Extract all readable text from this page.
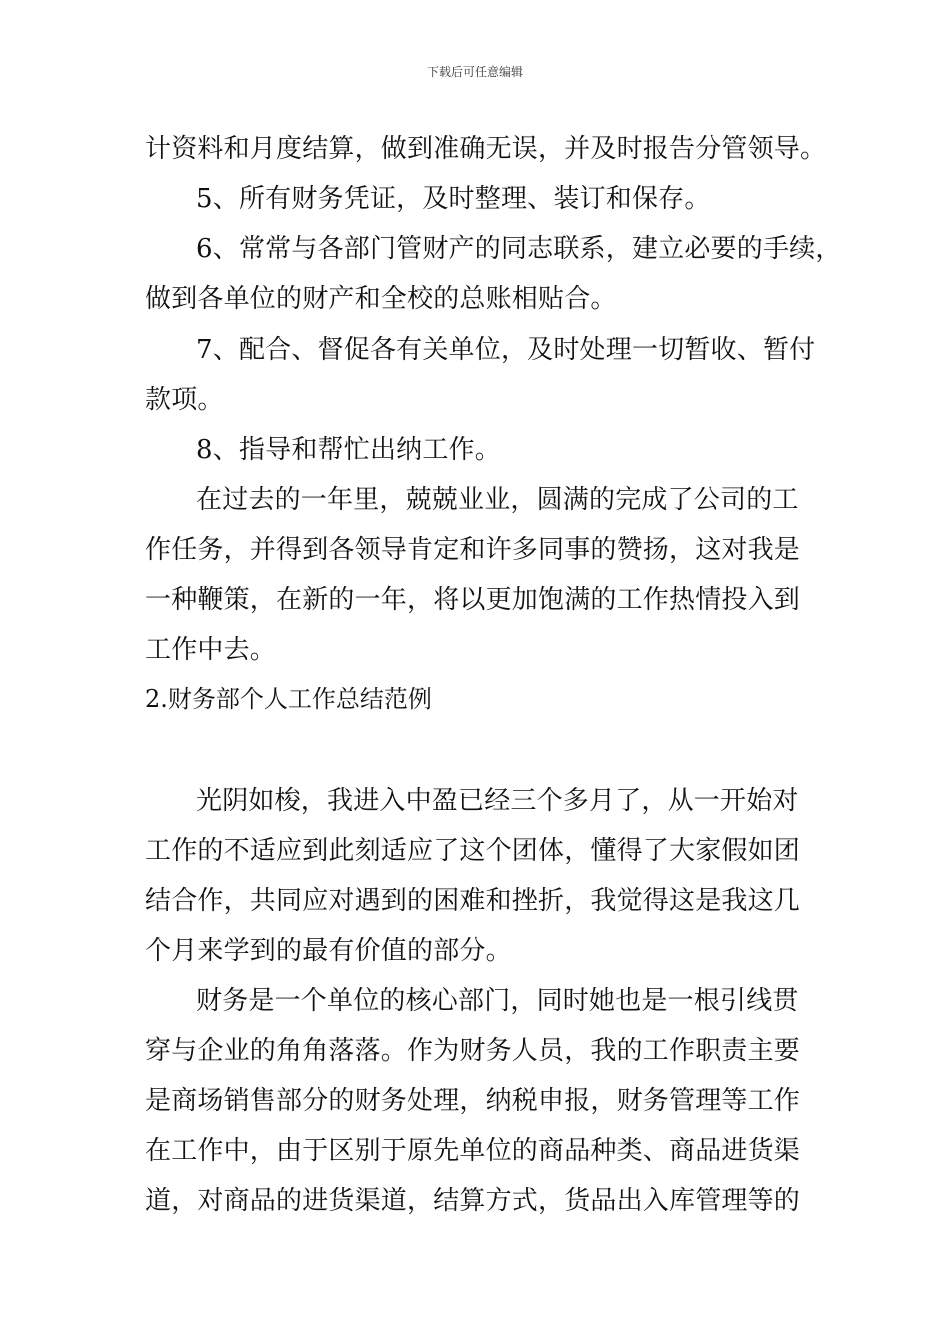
下载后可任意编辑
计资料和月度结算，做到准确无误，并及时报告分管领导。
5、所有财务凭证，及时整理、装订和保存。
6、常常与各部门管财产的同志联系，建立必要的手续，
做到各单位的财产和全校的总账相贴合。
7、配合、督促各有关单位，及时处理一切暂收、暂付
款项。
8、指导和帮忙出纳工作。
在过去的一年里，兢兢业业，圆满的完成了公司的工
作任务，并得到各领导肯定和许多同事的赞扬，这对我是
一种鞭策，在新的一年，将以更加饱满的工作热情投入到
工作中去。
2.财务部个人工作总结范例
光阴如梭，我进入中盈已经三个多月了，从一开始对
工作的不适应到此刻适应了这个团体，懂得了大家假如团
结合作，共同应对遇到的困难和挫折，我觉得这是我这几
个月来学到的最有价值的部分。
财务是一个单位的核心部门，同时她也是一根引线贯
穿与企业的角角落落。作为财务人员，我的工作职责主要
是商场销售部分的财务处理，纳税申报，财务管理等工作
在工作中，由于区别于原先单位的商品种类、商品进货渠
道，对商品的进货渠道，结算方式，货品出入库管理等的
